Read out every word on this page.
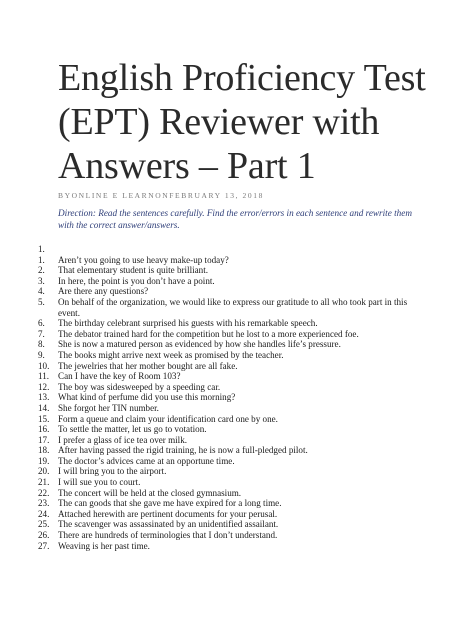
English Proficiency Test (EPT) Reviewer with Answers – Part 1
BYONLINE E LEARNONFEBRUARY 13, 2018

Direction: Read the sentences carefully. Find the error/errors in each sentence and rewrite them with the correct answer/answers.

1.
1.	Aren’t you going to use heavy make-up today?
2.	That elementary student is quite brilliant.
3.	In here, the point is you don’t have a point.
4.	Are there any questions?
5.	On behalf of the organization, we would like to express our gratitude to all who took part in this event.
6.	The birthday celebrant surprised his guests with his remarkable speech.
7.	The debator trained hard for the competition but he lost to a more experienced foe.
8.	She is now a matured person as evidenced by how she handles life’s pressure.
9.	The books might arrive next week as promised by the teacher.
10. The jewelries that her mother bought are all fake.
11. Can I have the key of Room 103?
12. The boy was sidesweeped by a speeding car.
13. What kind of perfume did you use this morning?
14. She forgot her TIN number.
15. Form a queue and claim your identification card one by one.
16. To settle the matter, let us go to votation.
17. I prefer a glass of ice tea over milk.
18. After having passed the rigid training, he is now a full-pledged pilot.
19. The doctor’s advices came at an opportune time.
20. I will bring you to the airport.
21. I will sue you to court.
22. The concert will be held at the closed gymnasium.
23. The can goods that she gave me have expired for a long time.
24. Attached herewith are pertinent documents for your perusal.
25. The scavenger was assassinated by an unidentified assailant.
26. There are hundreds of terminologies that I don’t understand.
27. Weaving is her past time.
